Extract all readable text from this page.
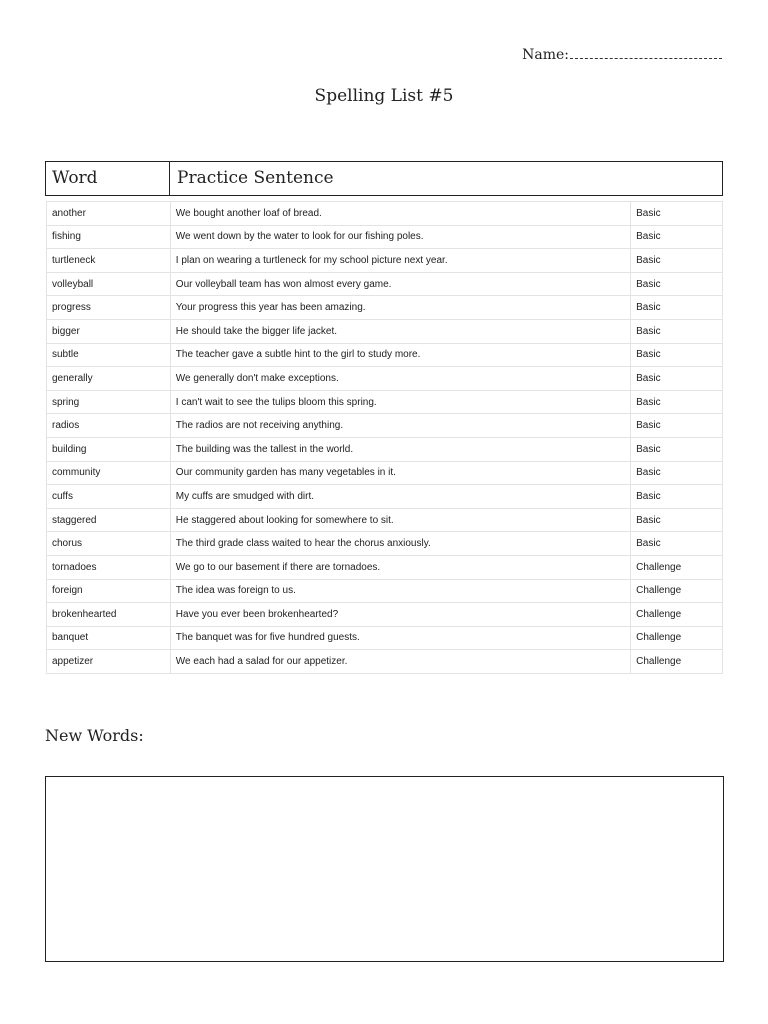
Name:
Spelling List #5
Word	Practice Sentence
another	We bought another loaf of bread.	Basic
fishing	We went down by the water to look for our fishing poles.	Basic
turtleneck	I plan on wearing a turtleneck for my school picture next year.	Basic
volleyball	Our volleyball team has won almost every game.	Basic
progress	Your progress this year has been amazing.	Basic
bigger	He should take the bigger life jacket.	Basic
subtle	The teacher gave a subtle hint to the girl to study more.	Basic
generally	We generally don't make exceptions.	Basic
spring	I can't wait to see the tulips bloom this spring.	Basic
radios	The radios are not receiving anything.	Basic
building	The building was the tallest in the world.	Basic
community	Our community garden has many vegetables in it.	Basic
cuffs	My cuffs are smudged with dirt.	Basic
staggered	He staggered about looking for somewhere to sit.	Basic
chorus	The third grade class waited to hear the chorus anxiously.	Basic
tornadoes	We go to our basement if there are tornadoes.	Challenge
foreign	The idea was foreign to us.	Challenge
brokenhearted	Have you ever been brokenhearted?	Challenge
banquet	The banquet was for five hundred guests.	Challenge
appetizer	We each had a salad for our appetizer.	Challenge
New Words:
